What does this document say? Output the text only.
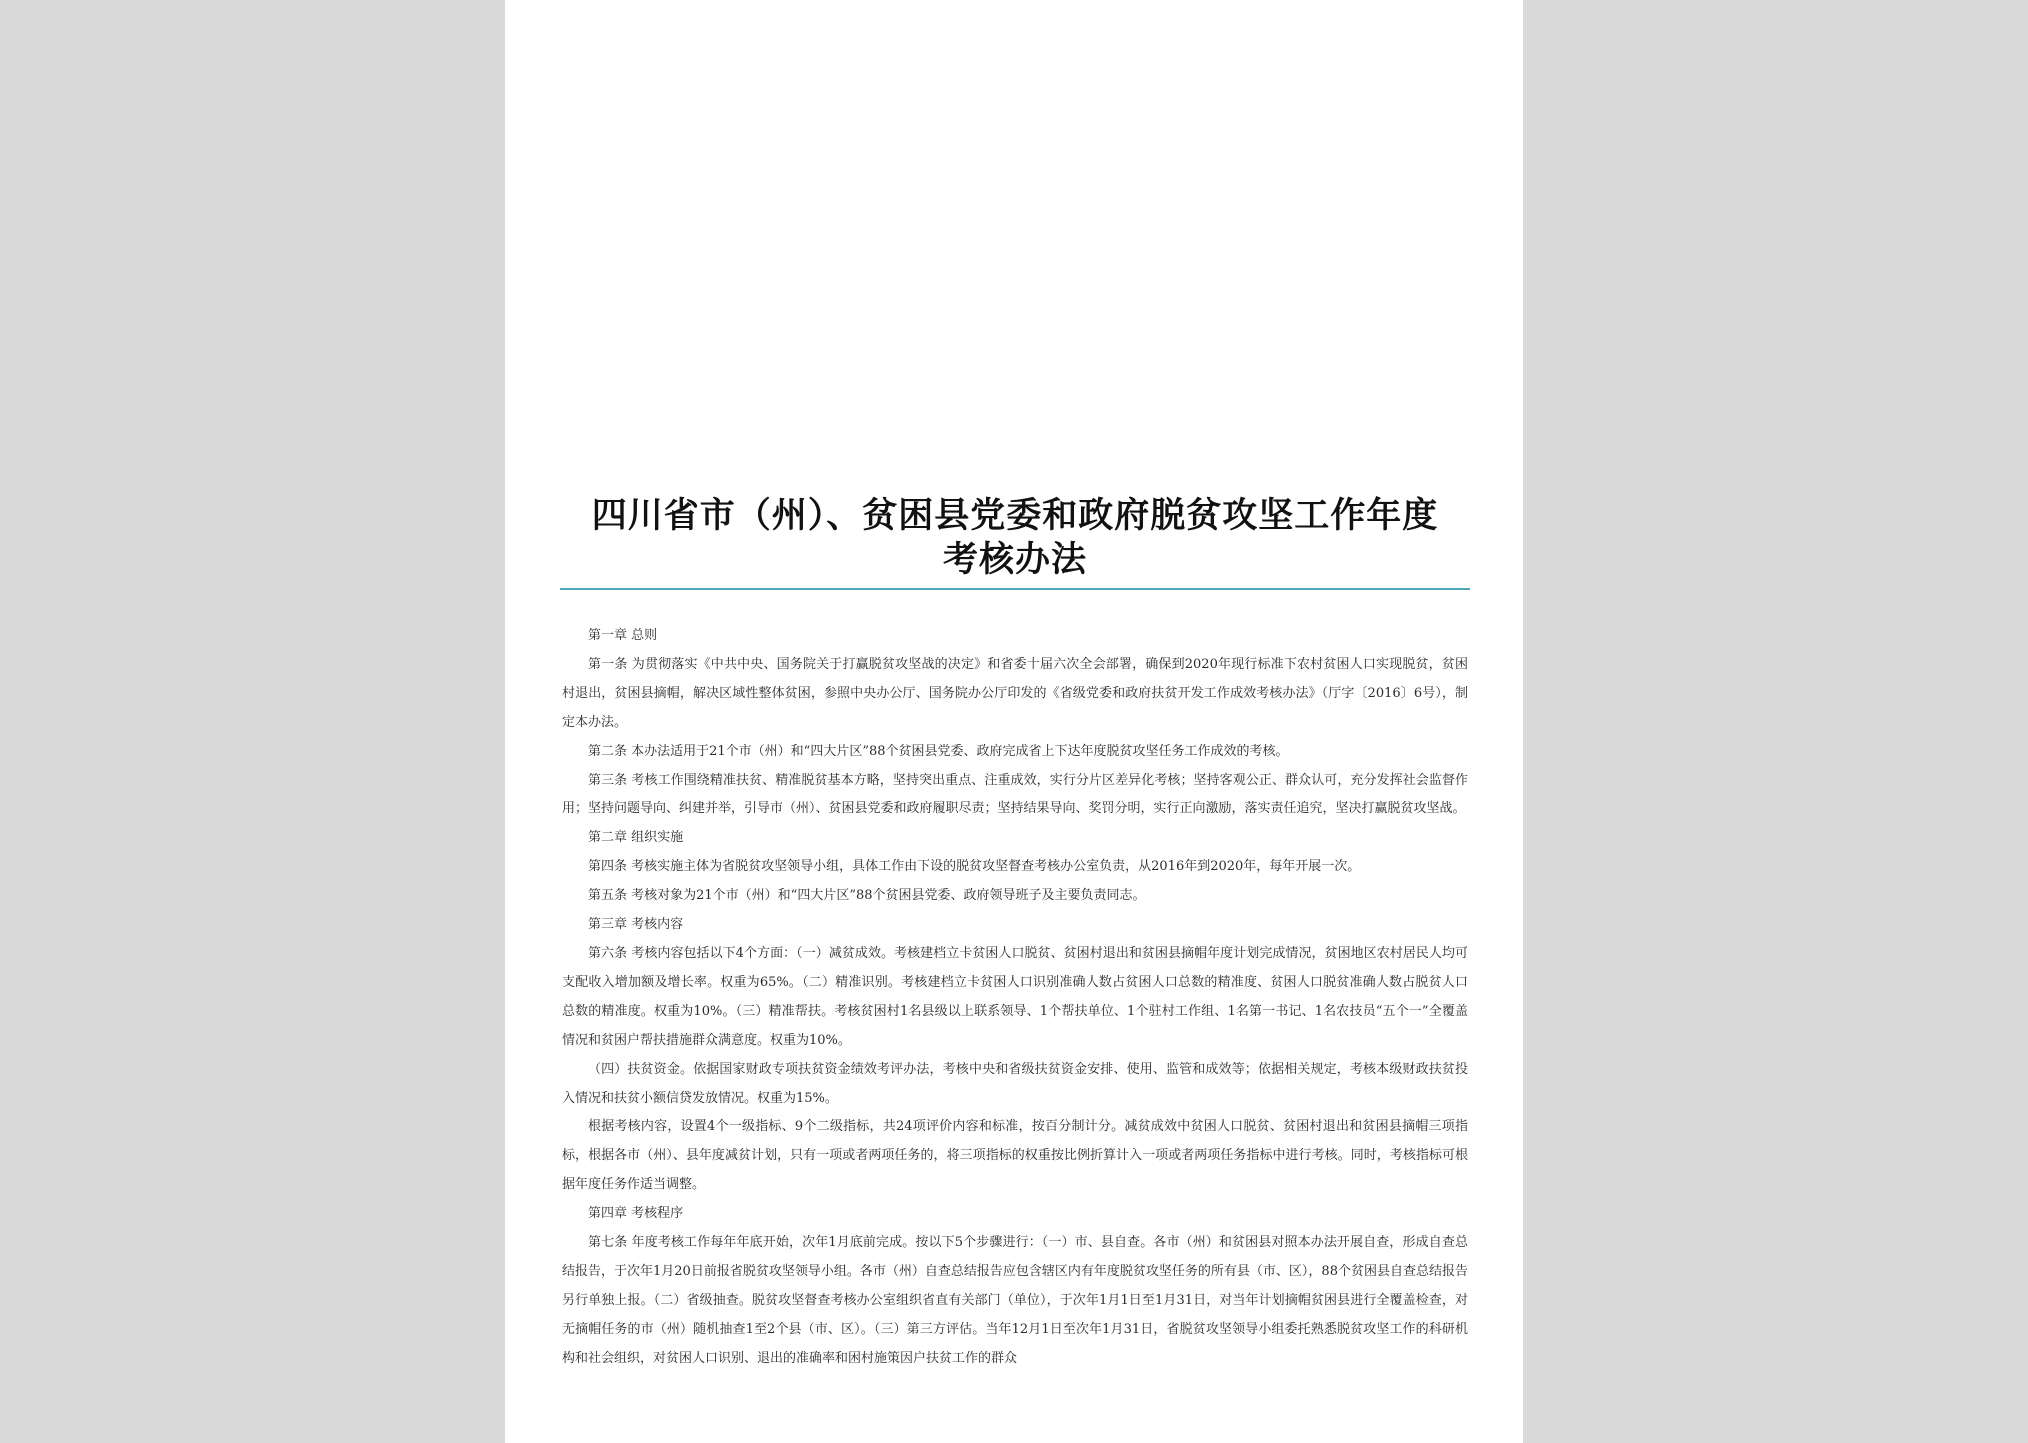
四川省市（州）、贫困县党委和政府脱贫攻坚工作年度
考核办法

第一章 总则

第一条 为贯彻落实《中共中央、国务院关于打赢脱贫攻坚战的决定》和省委十届六次全会部署，确保到2020年现行标准下农村贫困人口实现脱贫，贫困村退出，贫困县摘帽，解决区域性整体贫困，参照中央办公厅、国务院办公厅印发的《省级党委和政府扶贫开发工作成效考核办法》（厅字〔2016〕6号），制定本办法。

第二条 本办法适用于21个市（州）和“四大片区”88个贫困县党委、政府完成省上下达年度脱贫攻坚任务工作成效的考核。

第三条 考核工作围绕精准扶贫、精准脱贫基本方略，坚持突出重点、注重成效，实行分片区差异化考核；坚持客观公正、群众认可，充分发挥社会监督作用；坚持问题导向、纠建并举，引导市（州）、贫困县党委和政府履职尽责；坚持结果导向、奖罚分明，实行正向激励，落实责任追究，坚决打赢脱贫攻坚战。

第二章 组织实施

第四条 考核实施主体为省脱贫攻坚领导小组，具体工作由下设的脱贫攻坚督查考核办公室负责，从2016年到2020年，每年开展一次。

第五条 考核对象为21个市（州）和“四大片区”88个贫困县党委、政府领导班子及主要负责同志。

第三章 考核内容

第六条 考核内容包括以下4个方面：（一）减贫成效。考核建档立卡贫困人口脱贫、贫困村退出和贫困县摘帽年度计划完成情况，贫困地区农村居民人均可支配收入增加额及增长率。权重为65%。（二）精准识别。考核建档立卡贫困人口识别准确人数占贫困人口总数的精准度、贫困人口脱贫准确人数占脱贫人口总数的精准度。权重为10%。（三）精准帮扶。考核贫困村1名县级以上联系领导、1个帮扶单位、1个驻村工作组、1名第一书记、1名农技员“五个一”全覆盖情况和贫困户帮扶措施群众满意度。权重为10%。

（四）扶贫资金。依据国家财政专项扶贫资金绩效考评办法，考核中央和省级扶贫资金安排、使用、监管和成效等；依据相关规定，考核本级财政扶贫投入情况和扶贫小额信贷发放情况。权重为15%。

根据考核内容，设置4个一级指标、9个二级指标，共24项评价内容和标准，按百分制计分。减贫成效中贫困人口脱贫、贫困村退出和贫困县摘帽三项指标，根据各市（州）、县年度减贫计划，只有一项或者两项任务的，将三项指标的权重按比例折算计入一项或者两项任务指标中进行考核。同时，考核指标可根据年度任务作适当调整。

第四章 考核程序

第七条 年度考核工作每年年底开始，次年1月底前完成。按以下5个步骤进行：（一）市、县自查。各市（州）和贫困县对照本办法开展自查，形成自查总结报告，于次年1月20日前报省脱贫攻坚领导小组。各市（州）自查总结报告应包含辖区内有年度脱贫攻坚任务的所有县（市、区），88个贫困县自查总结报告另行单独上报。（二）省级抽查。脱贫攻坚督查考核办公室组织省直有关部门（单位），于次年1月1日至1月31日，对当年计划摘帽贫困县进行全覆盖检查，对无摘帽任务的市（州）随机抽查1至2个县（市、区）。（三）第三方评估。当年12月1日至次年1月31日，省脱贫攻坚领导小组委托熟悉脱贫攻坚工作的科研机构和社会组织，对贫困人口识别、退出的准确率和困村施策因户扶贫工作的群众
